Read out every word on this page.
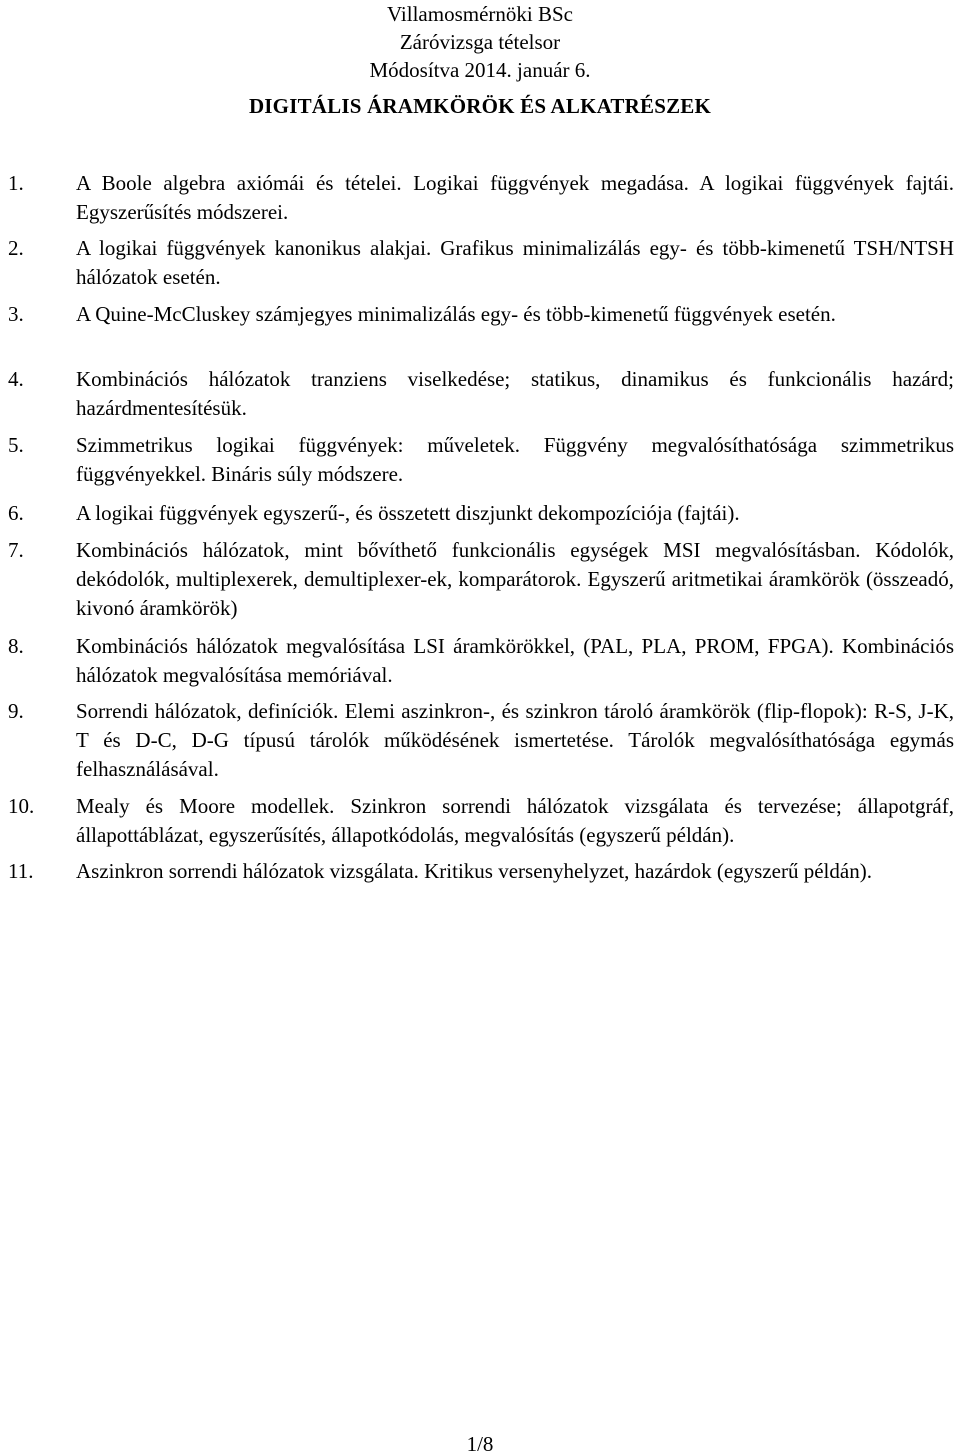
Villamosmérnöki BSc
Záróvizsga tételsor
Módosítva 2014. január 6.
DIGITÁLIS ÁRAMKÖRÖK ÉS ALKATRÉSZEK
1. A Boole algebra axiómái és tételei. Logikai függvények megadása. A logikai függvények fajtái. Egyszerűsítés módszerei.
2. A logikai függvények kanonikus alakjai. Grafikus minimalizálás egy- és több-kimenetű TSH/NTSH hálózatok esetén.
3. A Quine-McCluskey számjegyes minimalizálás egy- és több-kimenetű függvények esetén.
4. Kombinációs hálózatok tranziens viselkedése; statikus, dinamikus és funkcionális hazárd; hazárdmentesítésük.
5. Szimmetrikus logikai függvények: műveletek. Függvény megvalósíthatósága szimmetrikus függvényekkel. Bináris súly módszere.
6. A logikai függvények egyszerű-, és összetett diszjunkt dekompozíciója (fajtái).
7. Kombinációs hálózatok, mint bővíthető funkcionális egységek MSI megvalósításban. Kódolók, dekódolók, multiplexerek, demultiplexer-ek, komparátorok. Egyszerű aritmetikai áramkörök (összeadó, kivonó áramkörök)
8. Kombinációs hálózatok megvalósítása LSI áramkörökkel, (PAL, PLA, PROM, FPGA). Kombinációs hálózatok megvalósítása memóriával.
9. Sorrendi hálózatok, definíciók. Elemi aszinkron-, és szinkron tároló áramkörök (flip-flopok): R-S, J-K, T és D-C, D-G típusú tárolók működésének ismertetése. Tárolók megvalósíthatósága egymás felhasználásával.
10. Mealy és Moore modellek. Szinkron sorrendi hálózatok vizsgálata és tervezése; állapotgráf, állapottáblázat, egyszerűsítés, állapotkódolás, megvalósítás (egyszerű példán).
11. Aszinkron sorrendi hálózatok vizsgálata. Kritikus versenyhelyzet, hazárdok (egyszerű példán).
1/8
